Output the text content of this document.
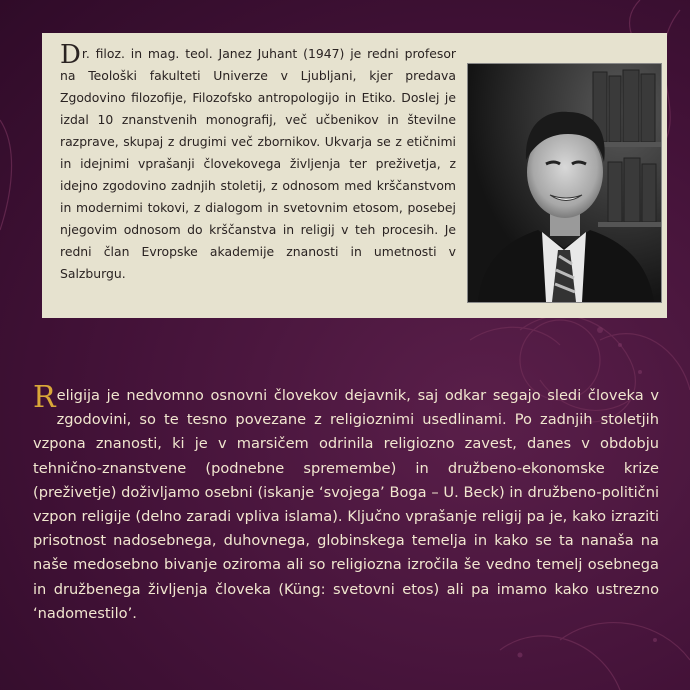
Dr. filoz. in mag. teol. Janez Juhant (1947) je redni profesor na Teološki fakulteti Univerze v Ljubljani, kjer predava Zgodovino filozofije, Filozofsko antropologijo in Etiko. Doslej je izdal 10 znanstvenih monografij, več učbenikov in številne razprave, skupaj z drugimi več zbornikov. Ukvarja se z etičnimi in idejnimi vprašanji človekovega življenja ter preživetja, z idejno zgodovino zadnjih stoletij, z odnosom med krščanstvom in modernimi tokovi, z dialogom in svetovnim etosom, posebej njegovim odnosom do krščanstva in religij v teh procesih. Je redni član Evropske akademije znanosti in umetnosti v Salzburgu.
Religija je nedvomno osnovni človekov dejavnik, saj odkar segajo sledi človeka v zgodovini, so te tesno povezane z religioznimi usedlinami. Po zadnjih stoletjih vzpona znanosti, ki je v marsičem odrinila religiozno zavest, danes v obdobju tehnično-znanstvene (podnebne spremembe) in družbeno-ekonomske krize (preživetje) doživljamo osebni (iskanje ‘svojega’ Boga – U. Beck) in družbeno-politični vzpon religije (delno zaradi vpliva islama). Ključno vprašanje religij pa je, kako izraziti prisotnost nadosebnega, duhovnega, globinskega temelja in kako se ta nanaša na naše medosebno bivanje oziroma ali so religiozna izročila še vedno temelj osebnega in družbenega življenja človeka (Küng: svetovni etos) ali pa imamo kako ustrezno ‘nadomestilo’.
